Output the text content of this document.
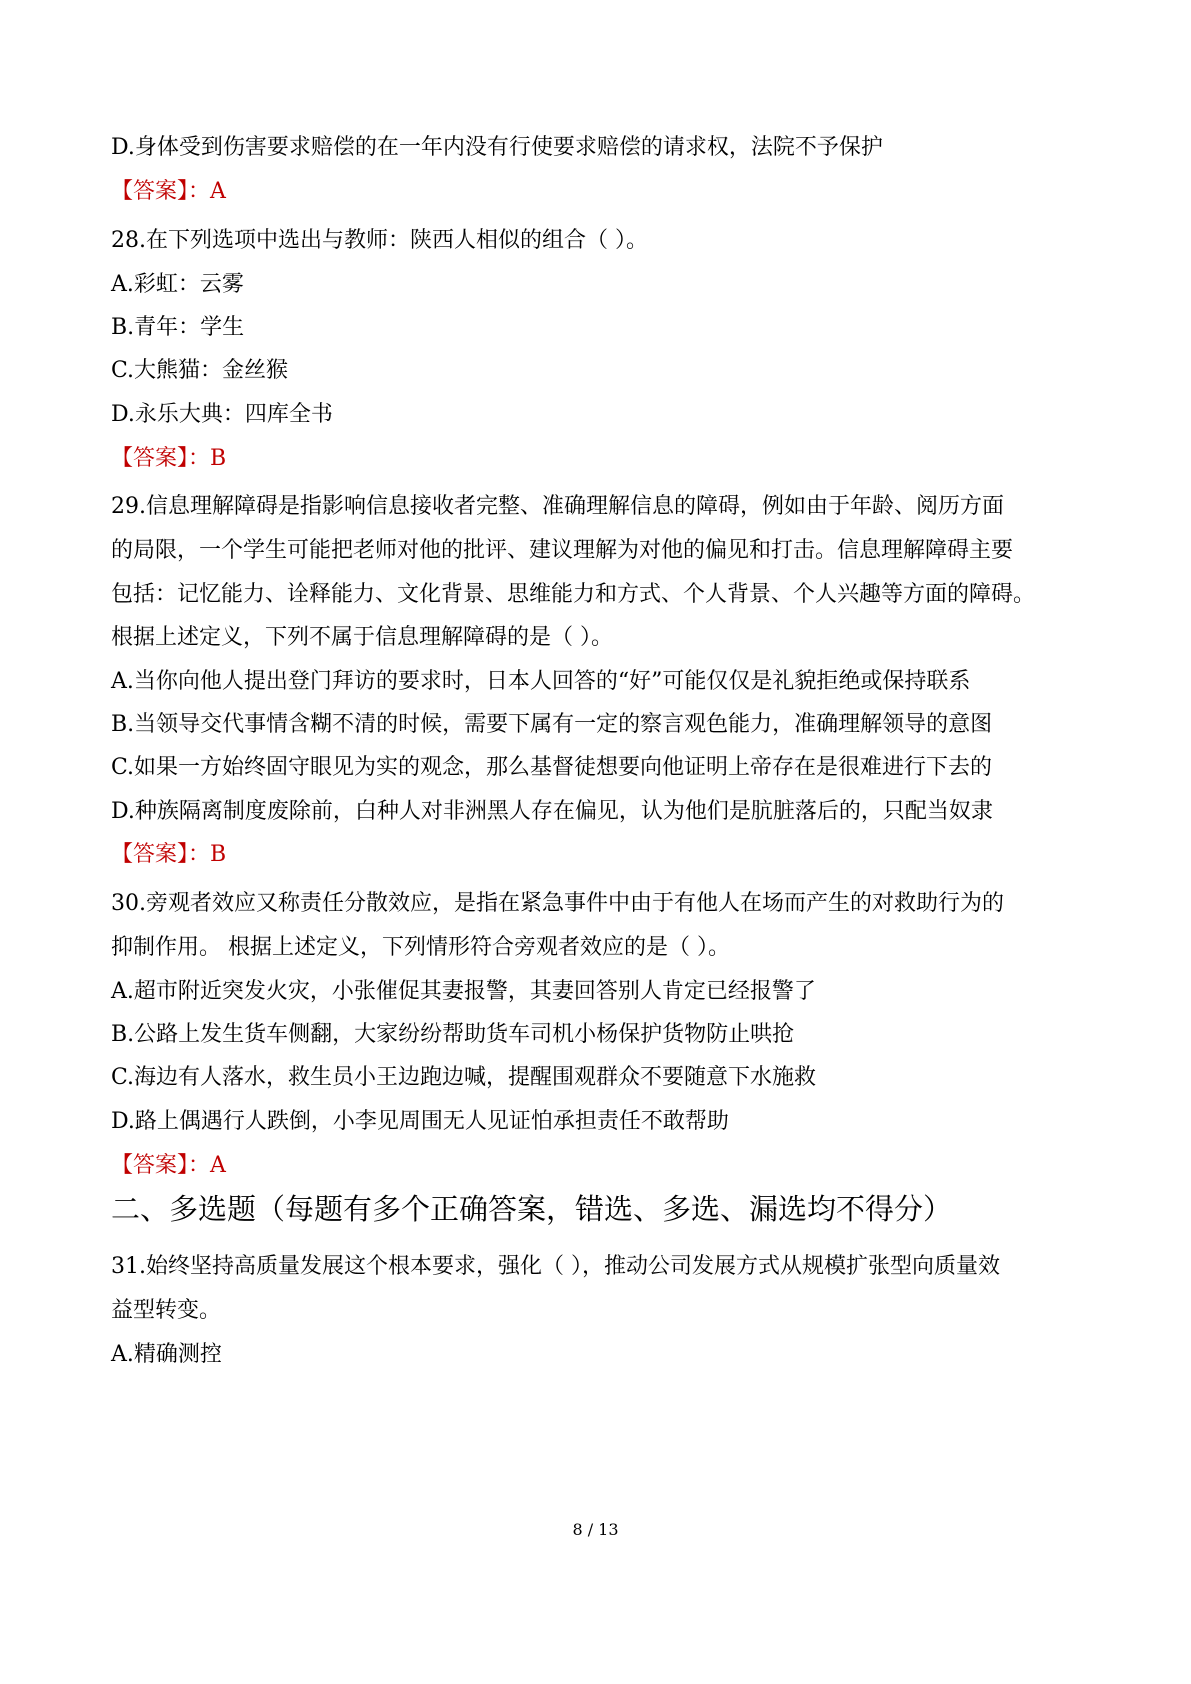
D.身体受到伤害要求赔偿的在一年内没有行使要求赔偿的请求权，法院不予保护

【答案】：A

28.在下列选项中选出与教师：陕西人相似的组合（ ）。

A.彩虹：云雾

B.青年：学生

C.大熊猫：金丝猴

D.永乐大典：四库全书

【答案】：B

29.信息理解障碍是指影响信息接收者完整、准确理解信息的障碍，例如由于年龄、阅历方面

的局限，一个学生可能把老师对他的批评、建议理解为对他的偏见和打击。信息理解障碍主要

包括：记忆能力、诠释能力、文化背景、思维能力和方式、个人背景、个人兴趣等方面的障碍。

根据上述定义，下列不属于信息理解障碍的是（ ）。

A.当你向他人提出登门拜访的要求时，日本人回答的“好”可能仅仅是礼貌拒绝或保持联系

B.当领导交代事情含糊不清的时候，需要下属有一定的察言观色能力，准确理解领导的意图

C.如果一方始终固守眼见为实的观念，那么基督徒想要向他证明上帝存在是很难进行下去的

D.种族隔离制度废除前，白种人对非洲黑人存在偏见，认为他们是肮脏落后的，只配当奴隶

【答案】：B

30.旁观者效应又称责任分散效应，是指在紧急事件中由于有他人在场而产生的对救助行为的

抑制作用。 根据上述定义，下列情形符合旁观者效应的是（ ）。

A.超市附近突发火灾，小张催促其妻报警，其妻回答别人肯定已经报警了

B.公路上发生货车侧翻，大家纷纷帮助货车司机小杨保护货物防止哄抢

C.海边有人落水，救生员小王边跑边喊，提醒围观群众不要随意下水施救

D.路上偶遇行人跌倒，小李见周围无人见证怕承担责任不敢帮助

【答案】：A

二、多选题（每题有多个正确答案，错选、多选、漏选均不得分）

31.始终坚持高质量发展这个根本要求，强化（ ），推动公司发展方式从规模扩张型向质量效

益型转变。

A.精确测控

8 / 13
